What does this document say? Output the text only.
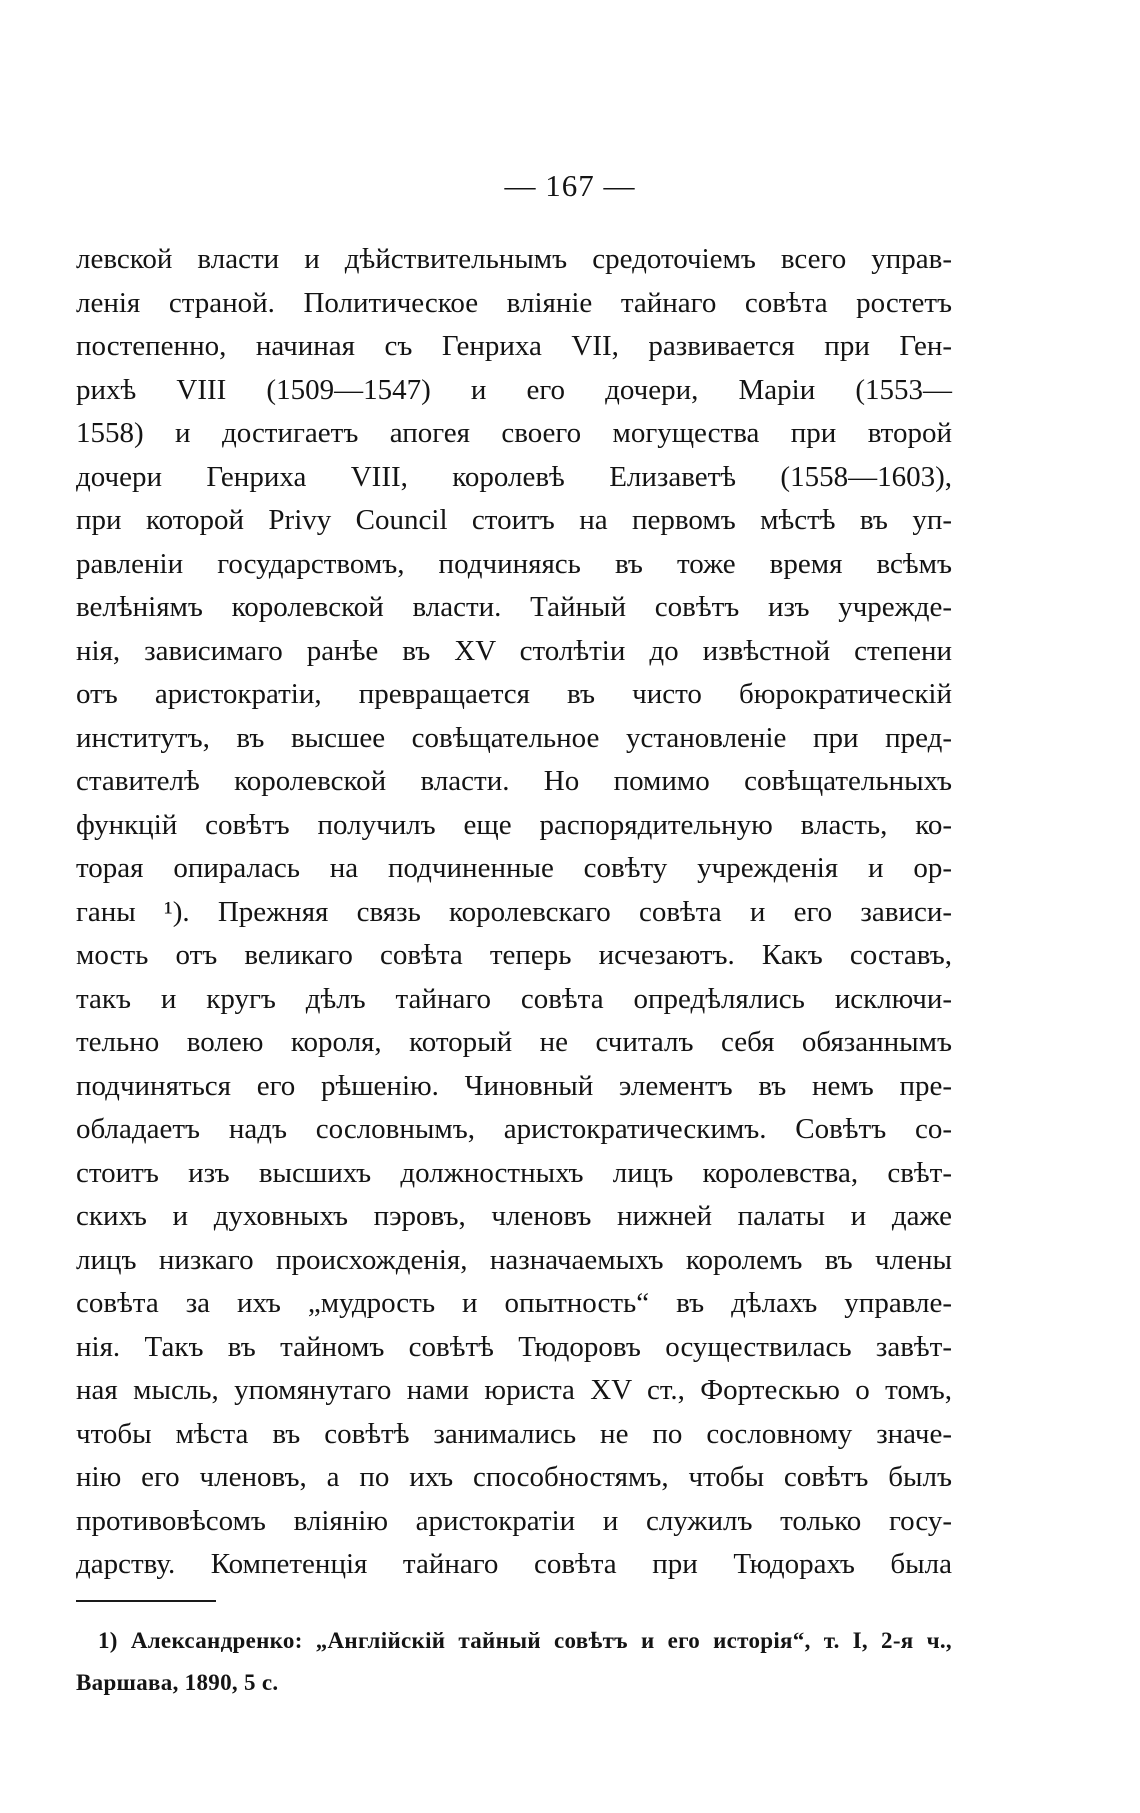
— 167 —
левской власти и дѣйствительнымъ средоточіемъ всего управ-
ленія страной. Политическое вліяніе тайнаго совѣта ростетъ
постепенно, начиная съ Генриха VII, развивается при Ген-
рихѣ VIII (1509—1547) и его дочери, Маріи (1553—
1558) и достигаетъ апогея своего могущества при второй
дочери Генриха VIII, королевѣ Елизаветѣ (1558—1603),
при которой Privy Council стоитъ на первомъ мѣстѣ въ уп-
равленіи государствомъ, подчиняясь въ тоже время всѣмъ
велѣніямъ королевской власти. Тайный совѣтъ изъ учрежде-
нія, зависимаго ранѣе въ XV столѣтіи до извѣстной степени
отъ аристократіи, превращается въ чисто бюрократическій
институтъ, въ высшее совѣщательное установленіе при пред-
ставителѣ королевской власти. Но помимо совѣщательныхъ
функцій совѣтъ получилъ еще распорядительную власть, ко-
торая опиралась на подчиненные совѣту учрежденія и ор-
ганы ¹). Прежняя связь королевскаго совѣта и его зависи-
мость отъ великаго совѣта теперь исчезаютъ. Какъ составъ,
такъ и кругъ дѣлъ тайнаго совѣта опредѣлялись исключи-
тельно волею короля, который не считалъ себя обязаннымъ
подчиняться его рѣшенію. Чиновный элементъ въ немъ пре-
обладаетъ надъ сословнымъ, аристократическимъ. Совѣтъ со-
стоитъ изъ высшихъ должностныхъ лицъ королевства, свѣт-
скихъ и духовныхъ пэровъ, членовъ нижней палаты и даже
лицъ низкаго происхожденія, назначаемыхъ королемъ въ члены
совѣта за ихъ „мудрость и опытность“ въ дѣлахъ управле-
нія. Такъ въ тайномъ совѣтѣ Тюдоровъ осуществилась завѣт-
ная мысль, упомянутаго нами юриста XV ст., Фортескью о томъ,
чтобы мѣста въ совѣтѣ занимались не по сословному значе-
нію его членовъ, а по ихъ способностямъ, чтобы совѣтъ былъ
противовѣсомъ вліянію аристократіи и служилъ только госу-
дарству. Компетенція тайнаго совѣта при Тюдорахъ была
1) Александренко: „Англійскій тайный совѣтъ и его исторія“, т. I, 2-я ч.,
Варшава, 1890, 5 с.
